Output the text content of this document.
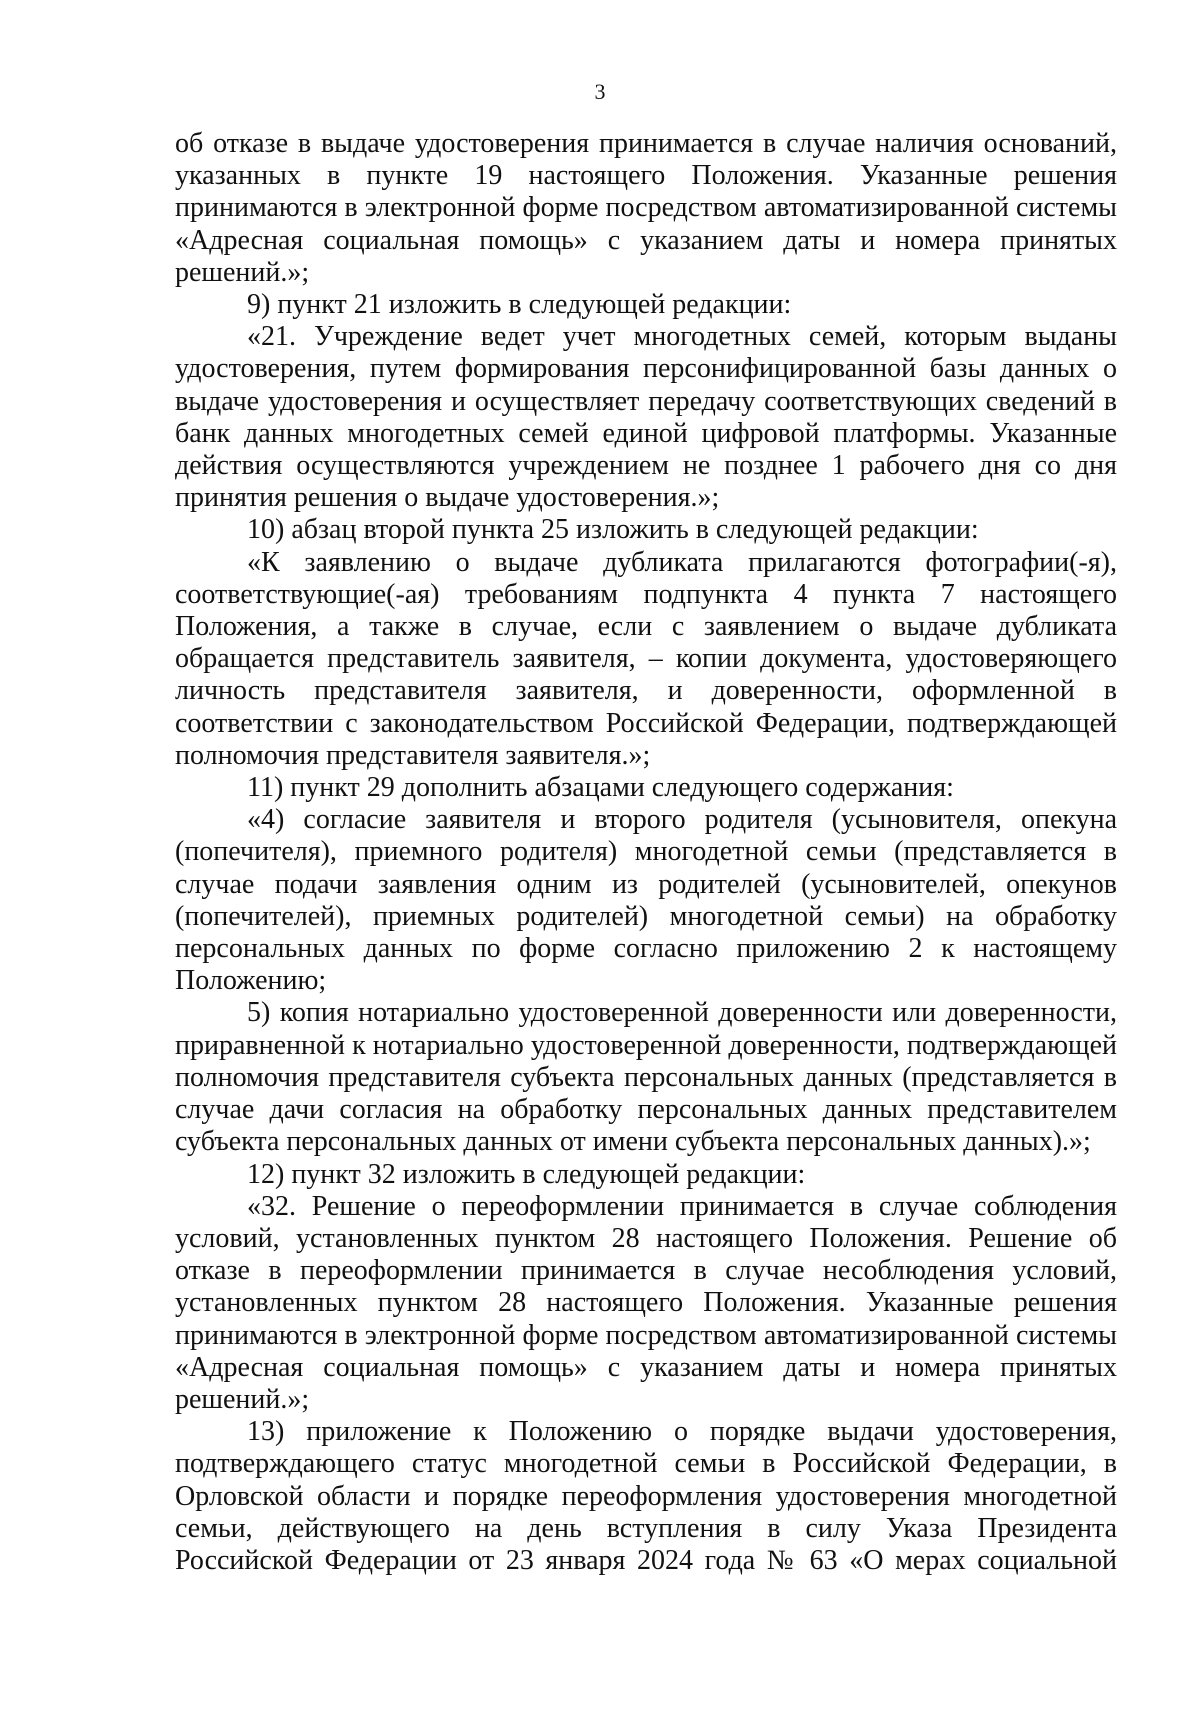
3

об отказе в выдаче удостоверения принимается в случае наличия оснований, указанных в пункте 19 настоящего Положения. Указанные решения принимаются в электронной форме посредством автоматизированной системы «Адресная социальная помощь» с указанием даты и номера принятых решений.»;

9) пункт 21 изложить в следующей редакции:

«21. Учреждение ведет учет многодетных семей, которым выданы удостоверения, путем формирования персонифицированной базы данных о выдаче удостоверения и осуществляет передачу соответствующих сведений в банк данных многодетных семей единой цифровой платформы. Указанные действия осуществляются учреждением не позднее 1 рабочего дня со дня принятия решения о выдаче удостоверения.»;

10) абзац второй пункта 25 изложить в следующей редакции:

«К заявлению о выдаче дубликата прилагаются фотографии(-я), соответствующие(-ая) требованиям подпункта 4 пункта 7 настоящего Положения, а также в случае, если с заявлением о выдаче дубликата обращается представитель заявителя, – копии документа, удостоверяющего личность представителя заявителя, и доверенности, оформленной в соответствии с законодательством Российской Федерации, подтверждающей полномочия представителя заявителя.»;

11) пункт 29 дополнить абзацами следующего содержания:

«4) согласие заявителя и второго родителя (усыновителя, опекуна (попечителя), приемного родителя) многодетной семьи (представляется в случае подачи заявления одним из родителей (усыновителей, опекунов (попечителей), приемных родителей) многодетной семьи) на обработку персональных данных по форме согласно приложению 2 к настоящему Положению;

5) копия нотариально удостоверенной доверенности или доверенности, приравненной к нотариально удостоверенной доверенности, подтверждающей полномочия представителя субъекта персональных данных (представляется в случае дачи согласия на обработку персональных данных представителем субъекта персональных данных от имени субъекта персональных данных).»;

12) пункт 32 изложить в следующей редакции:

«32. Решение о переоформлении принимается в случае соблюдения условий, установленных пунктом 28 настоящего Положения. Решение об отказе в переоформлении принимается в случае несоблюдения условий, установленных пунктом 28 настоящего Положения. Указанные решения принимаются в электронной форме посредством автоматизированной системы «Адресная социальная помощь» с указанием даты и номера принятых решений.»;

13) приложение к Положению о порядке выдачи удостоверения, подтверждающего статус многодетной семьи в Российской Федерации, в Орловской области и порядке переоформления удостоверения многодетной семьи, действующего на день вступления в силу Указа Президента Российской Федерации от 23 января 2024 года № 63 «О мерах социальной
